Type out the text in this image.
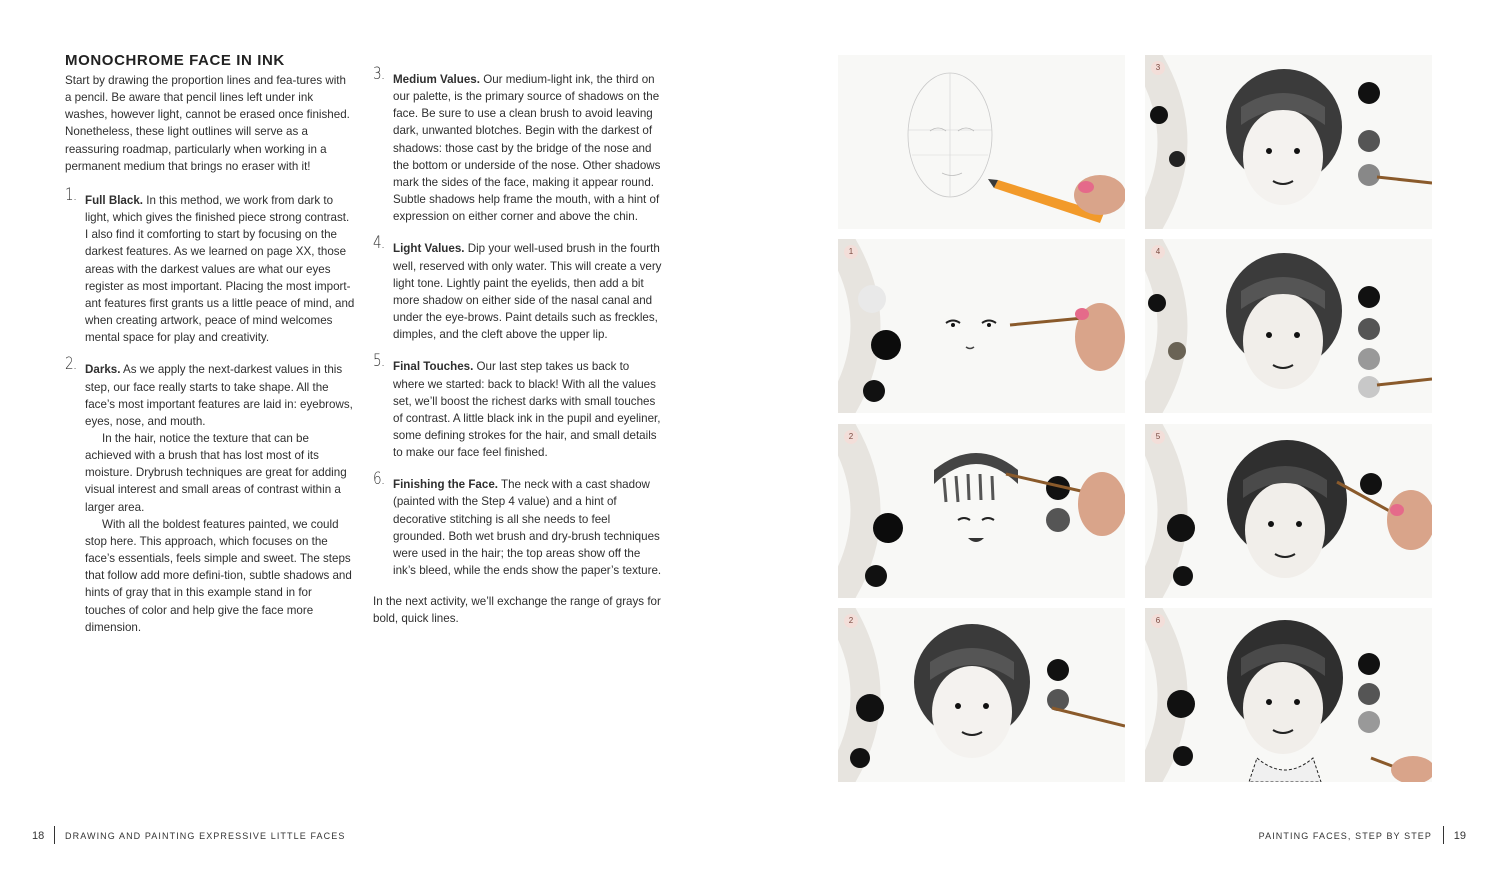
MONOCHROME FACE IN INK

Start by drawing the proportion lines and fea-tures with a pencil. Be aware that pencil lines left under ink washes, however light, cannot be erased once finished. Nonetheless, these light outlines will serve as a reassuring roadmap, particularly when working in a permanent medium that brings no eraser with it!

1. Full Black. In this method, we work from dark to light, which gives the finished piece strong contrast. I also find it comforting to start by focusing on the darkest features. As we learned on page XX, those areas with the darkest values are what our eyes register as most important. Placing the most import-ant features first grants us a little peace of mind, and when creating artwork, peace of mind welcomes mental space for play and creativity.

2. Darks. As we apply the next-darkest values in this step, our face really starts to take shape. All the face’s most important features are laid in: eyebrows, eyes, nose, and mouth.

In the hair, notice the texture that can be achieved with a brush that has lost most of its moisture. Drybrush techniques are great for adding visual interest and small areas of contrast within a larger area.

With all the boldest features painted, we could stop here. This approach, which focuses on the face’s essentials, feels simple and sweet. The steps that follow add more defini-tion, subtle shadows and hints of gray that in this example stand in for touches of color and help give the face more dimension.

3. Medium Values. Our medium-light ink, the third on our palette, is the primary source of shadows on the face. Be sure to use a clean brush to avoid leaving dark, unwanted blotches. Begin with the darkest of shadows: those cast by the bridge of the nose and the bottom or underside of the nose. Other shadows mark the sides of the face, making it appear round. Subtle shadows help frame the mouth, with a hint of expression on either corner and above the chin.

4. Light Values. Dip your well-used brush in the fourth well, reserved with only water. This will create a very light tone. Lightly paint the eyelids, then add a bit more shadow on either side of the nasal canal and under the eye-brows. Paint details such as freckles, dimples, and the cleft above the upper lip.

5. Final Touches. Our last step takes us back to where we started: back to black! With all the values set, we’ll boost the richest darks with small touches of contrast. A little black ink in the pupil and eyeliner, some defining strokes for the hair, and small details to make our face feel finished.

6. Finishing the Face. The neck with a cast shadow (painted with the Step 4 value) and a hint of decorative stitching is all she needs to feel grounded. Both wet brush and dry-brush techniques were used in the hair; the top areas show off the ink’s bleed, while the ends show the paper’s texture.

In the next activity, we’ll exchange the range of grays for bold, quick lines.

3
1	4
2	5
2	6
18 DRAWING AND PAINTING EXPRESSIVE LITTLE FACES	PAINTING FACES, STEP BY STEP 19
